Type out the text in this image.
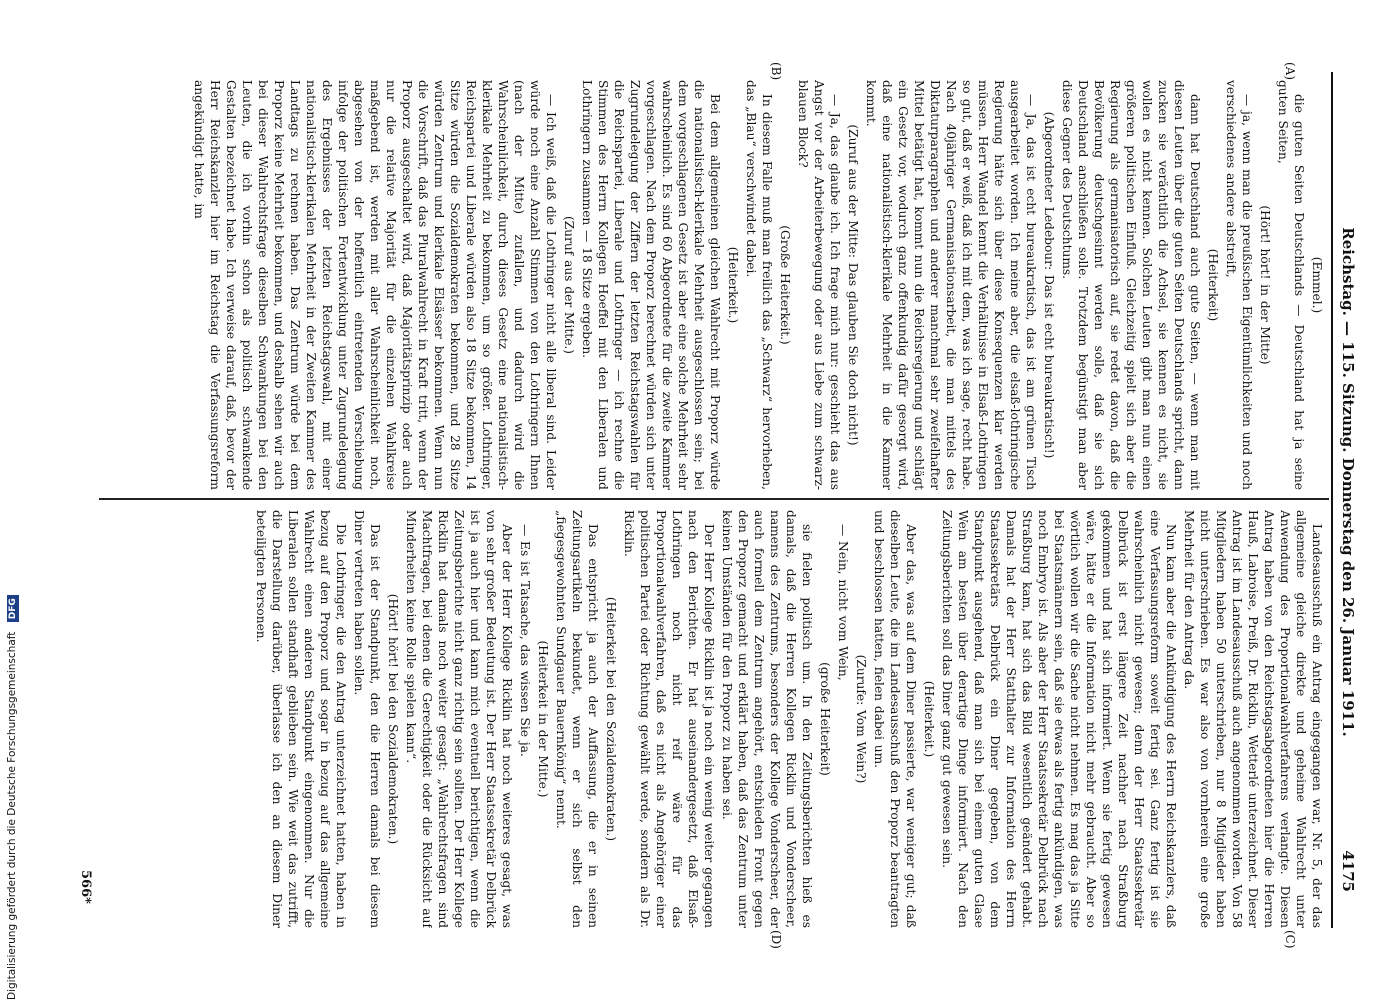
Reichstag. — 115. Sitzung. Donnerstag den 26. Januar 1911.
4175
(A)
(B)
(C)
(D)

(Emmel.)

die guten Seiten Deutschlands — Deutschland hat ja seine guten Seiten,

(Hört! hört! in der Mitte)

— ja, wenn man die preußischen Eigentümlichkeiten und noch verschiedenes andere abstreift,

(Heiterkeit)

dann hat Deutschland auch gute Seiten, — wenn man mit diesen Leuten über die guten Seiten Deutschlands spricht, dann zucken sie verächtlich die Achsel, sie kennen es nicht, sie wollen es nicht kennen. Solchen Leuten gibt man nun einen größeren politischen Einfluß. Gleichzeitig spielt sich aber die Regierung als germanisatorisch auf, sie redet davon, daß die Bevölkerung deutschgesinnt werden solle, daß sie sich Deutschland anschließen solle. Trotzdem begünstigt man aber diese Gegner des Deutschtums.

(Abgeordneter Ledebour: Das ist echt bureaukratisch!)

— Ja, das ist echt bureaukratisch, das ist am grünen Tisch ausgearbeitet worden. Ich meine aber, die elsaß-lothringische Regierung hätte sich über diese Konsequenzen klar werden müssen. Herr Wandel kennt die Verhältnisse in Elsaß-Lothringen so gut, daß er weiß, daß ich mit dem, was ich sage, recht habe. Nach 40jähriger Germanisationsarbeit, die man mittels des Diktaturparagraphen und anderer manchmal sehr zweifelhafter Mittel betätigt hat, kommt nun die Reichsregierung und schlägt ein Gesetz vor, wodurch ganz offenkundig dafür gesorgt wird, daß eine nationalistisch-klerikale Mehrheit in die Kammer kommt.

(Zuruf aus der Mitte: Das glauben Sie doch nicht!)

— Ja, das glaube ich. Ich frage mich nur: geschieht das aus Angst vor der Arbeiterbewegung oder aus Liebe zum schwarz-blauen Block?

(Große Heiterkeit.)

In diesem Falle muß man freilich das „Schwarz“ hervorheben, das „Blau“ verschwindet dabei.

(Heiterkeit.)

Bei dem allgemeinen gleichen Wahlrecht mit Proporz würde die nationalistisch-klerikale Mehrheit ausgeschlossen sein; bei dem vorgeschlagenen Gesetz ist aber eine solche Mehrheit sehr wahrscheinlich. Es sind 60 Abgeordnete für die zweite Kammer vorgeschlagen. Nach dem Proporz berechnet würden sich unter Zugrundelegung der Ziffern der letzten Reichstagswahlen für die Reichspartei, Liberale und Lothringer — ich rechne die Stimmen des Herrn Kollegen Hoeffel mit den Liberalen und Lothringern zusammen — 18 Sitze ergeben.

(Zuruf aus der Mitte.)

— Ich weiß, daß die Lothringer nicht alle liberal sind. Leider würde noch eine Anzahl Stimmen von den Lothringern Ihnen (nach der Mitte) zufallen, und dadurch wird die Wahrscheinlichkeit, durch dieses Gesetz eine nationalistisch-klerikale Mehrheit zu bekommen, um so größer. Lothringer, Reichspartei und Liberale würden also 18 Sitze bekommen, 14 Sitze würden die Sozialdemokraten bekommen, und 28 Sitze würden Zentrum und klerikale Elsässer bekommen. Wenn nun die Vorschrift, daß das Pluralwahlrecht in Kraft tritt, wenn der Proporz ausgeschaltet wird, daß Majoritätsprinzip oder auch nur die relative Majorität für die einzelnen Wahlkreise maßgebend ist, werden mit aller Wahrscheinlichkeit noch, abgesehen von der hoffentlich eintretenden Verschiebung infolge der politischen Fortentwicklung unter Zugrundelegung des Ergebnisses der letzten Reichstagswahl, mit einer nationalistisch-klerikalen Mehrheit in der Zweiten Kammer des Landtags zu rechnen haben. Das Zentrum würde bei dem Proporz keine Mehrheit bekommen, und deshalb sehen wir auch bei dieser Wahlrechtsfrage dieselben Schwankungen bei den Leuten, die ich vorhin schon als politisch schwankende Gestalten bezeichnet habe. Ich verweise darauf, daß, bevor der Herr Reichskanzler hier im Reichstag die Verfassungsreform angekündigt hatte, im

Landesausschuß ein Antrag eingegangen war, Nr. 5, der das allgemeine gleiche direkte und geheime Wahlrecht unter Anwendung des Proportionalwahlverfahrens verlangte. Diesen Antrag haben von den Reichstagsabgeordneten hier die Herren Hauß, Labroise, Preiß, Dr. Ricklin, Wetterlé unterzeichnet. Dieser Antrag ist im Landesausschuß auch angenommen worden. Von 58 Mitgliedern haben 50 unterschrieben, nur 8 Mitglieder haben nicht unterschrieben. Es war also von vornherein eine große Mehrheit für den Antrag da.

Nun kam aber die Ankündigung des Herrn Reichskanzlers, daß eine Verfassungsreform soweit fertig sei. Ganz fertig ist sie wahrscheinlich nicht gewesen; denn der Herr Staatssekretär Delbrück ist erst längere Zeit nachher nach Straßburg gekommen und hat sich informiert. Wenn sie fertig gewesen wäre, hätte er die Information nicht mehr gebraucht. Aber so wörtlich wollen wir die Sache nicht nehmen. Es mag das ja Sitte bei Staatsmännern sein, daß sie etwas als fertig ankündigen, was noch Embryo ist. Als aber der Herr Staatssekretär Delbrück nach Straßburg kam, hat sich das Bild wesentlich geändert gehabt. Damals hat der Herr Statthalter zur Information des Herrn Staatssekretärs Delbrück ein Diner gegeben, von dem Standpunkt ausgehend, daß man sich bei einem guten Glase Wein am besten über derartige Dinge informiert. Nach den Zeitungsberichten soll das Diner ganz gut gewesen sein.

(Heiterkeit.)

Aber das, was auf dem Diner passierte, war weniger gut; daß dieselben Leute, die im Landesausschuß den Proporz beantragten und beschlossen hatten, fielen dabei um.

(Zurufe: Vom Wein?)

— Nein, nicht vom Wein,

(große Heiterkeit)

sie fielen politisch um. In den Zeitungsberichten hieß es damals, daß die Herren Kollegen Ricklin und Vonderscheer, namens des Zentrums, besonders der Kollege Vonderscheer, der auch formell dem Zentrum angehört, entschieden Front gegen den Proporz gemacht und erklärt haben, daß das Zentrum unter keinen Umständen für den Proporz zu haben sei.

Der Herr Kollege Ricklin ist ja noch ein wenig weiter gegangen nach den Berichten. Er hat auseinandergesetzt, daß Elsaß-Lothringen noch nicht reif wäre für das Proportionalwahlverfahren, daß es nicht als Angehöriger einer politischen Partei oder Richtung gewählt werde, sondern als Dr. Ricklin.

(Heiterkeit bei den Sozialdemokraten.)

Das entspricht ja auch der Auffassung, die er in seinen Zeitungsartikeln bekundet, wenn er sich selbst den „fiegesgewohnten Sundgauer Bauernkönig“ nennt.

(Heiterkeit in der Mitte.)

— Es ist Tatsache, das wissen Sie ja.

Aber der Herr Kollege Ricklin hat noch weiteres gesagt, was von sehr großer Bedeutung ist. Der Herr Staatssekretär Delbrück ist ja auch hier und kann mich eventuell berichtigen, wenn die Zeitungsberichte nicht ganz richtig sein sollten. Der Herr Kollege Ricklin hat damals noch weiter gesagt: „Wahlrechtsfragen sind Machtfragen, bei denen die Gerechtigkeit oder die Rücksicht auf Minderheiten keine Rolle spielen kann“.

(Hört! hört! bei den Sozialdemokraten.)

Das ist der Standpunkt, den die Herren damals bei diesem Diner vertreten haben sollen.

Die Lothringer, die den Antrag unterzeichnet hatten, haben in bezug auf den Proporz und sogar in bezug auf das allgemeine Wahlrecht einen anderen Standpunkt eingenommen. Nur die Liberalen sollen standhaft geblieben sein. Wie weit das zutrifft, die Darstellung darüber, überlasse ich den an diesem Diner beteiligten Personen.

566*
Digitalisierung gefördert durch die Deutsche Forschungsgemeinschaft DFG
